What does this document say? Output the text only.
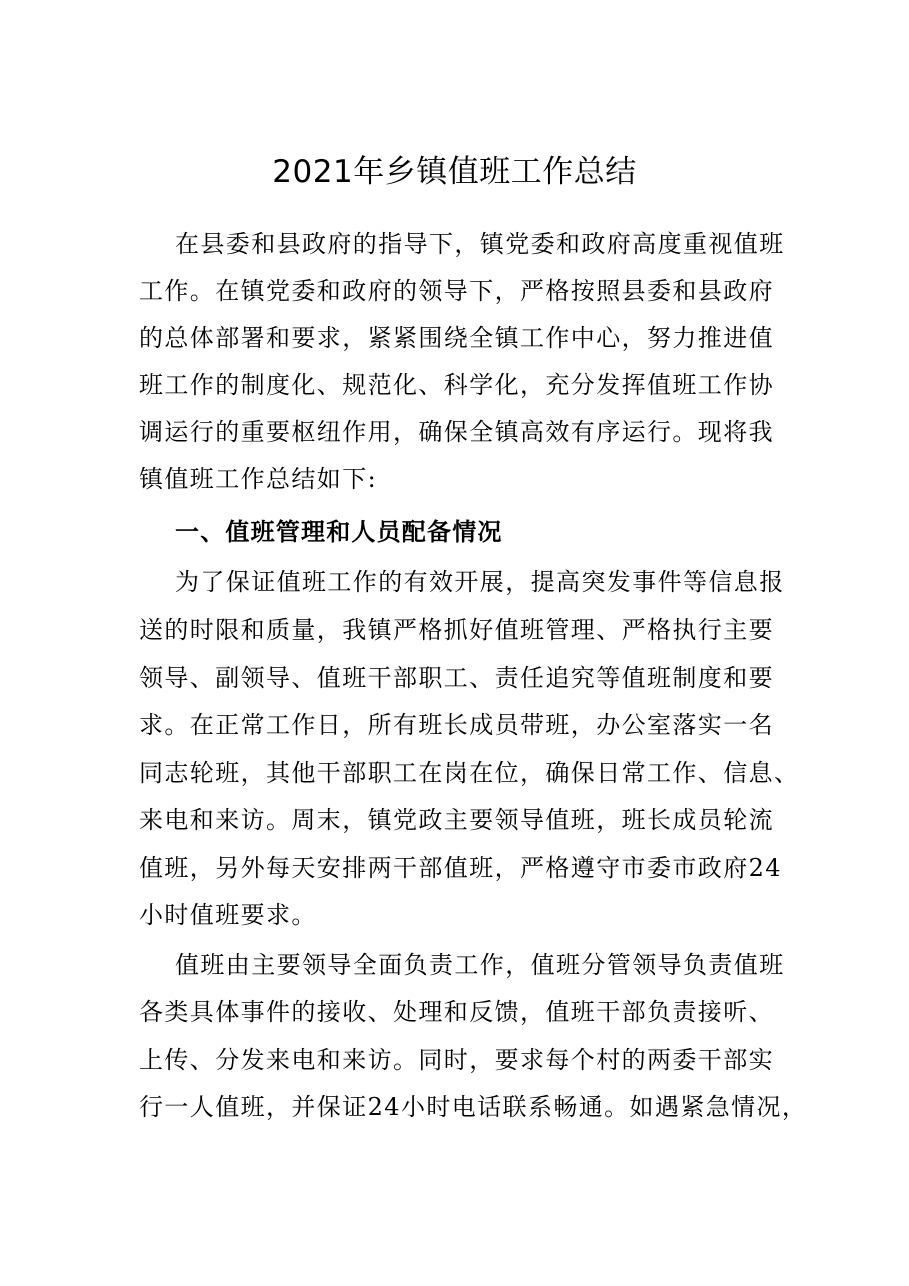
2021年乡镇值班工作总结
在县委和县政府的指导下，镇党委和政府高度重视值班
工作。在镇党委和政府的领导下，严格按照县委和县政府
的总体部署和要求，紧紧围绕全镇工作中心，努力推进值
班工作的制度化、规范化、科学化，充分发挥值班工作协
调运行的重要枢纽作用，确保全镇高效有序运行。现将我
镇值班工作总结如下:
一、值班管理和人员配备情况
为了保证值班工作的有效开展，提高突发事件等信息报
送的时限和质量，我镇严格抓好值班管理、严格执行主要
领导、副领导、值班干部职工、责任追究等值班制度和要
求。在正常工作日，所有班长成员带班，办公室落实一名
同志轮班，其他干部职工在岗在位，确保日常工作、信息、
来电和来访。周末，镇党政主要领导值班，班长成员轮流
值班，另外每天安排两干部值班，严格遵守市委市政府24
小时值班要求。
值班由主要领导全面负责工作，值班分管领导负责值班
各类具体事件的接收、处理和反馈，值班干部负责接听、
上传、分发来电和来访。同时，要求每个村的两委干部实
行一人值班，并保证24小时电话联系畅通。如遇紧急情况，
